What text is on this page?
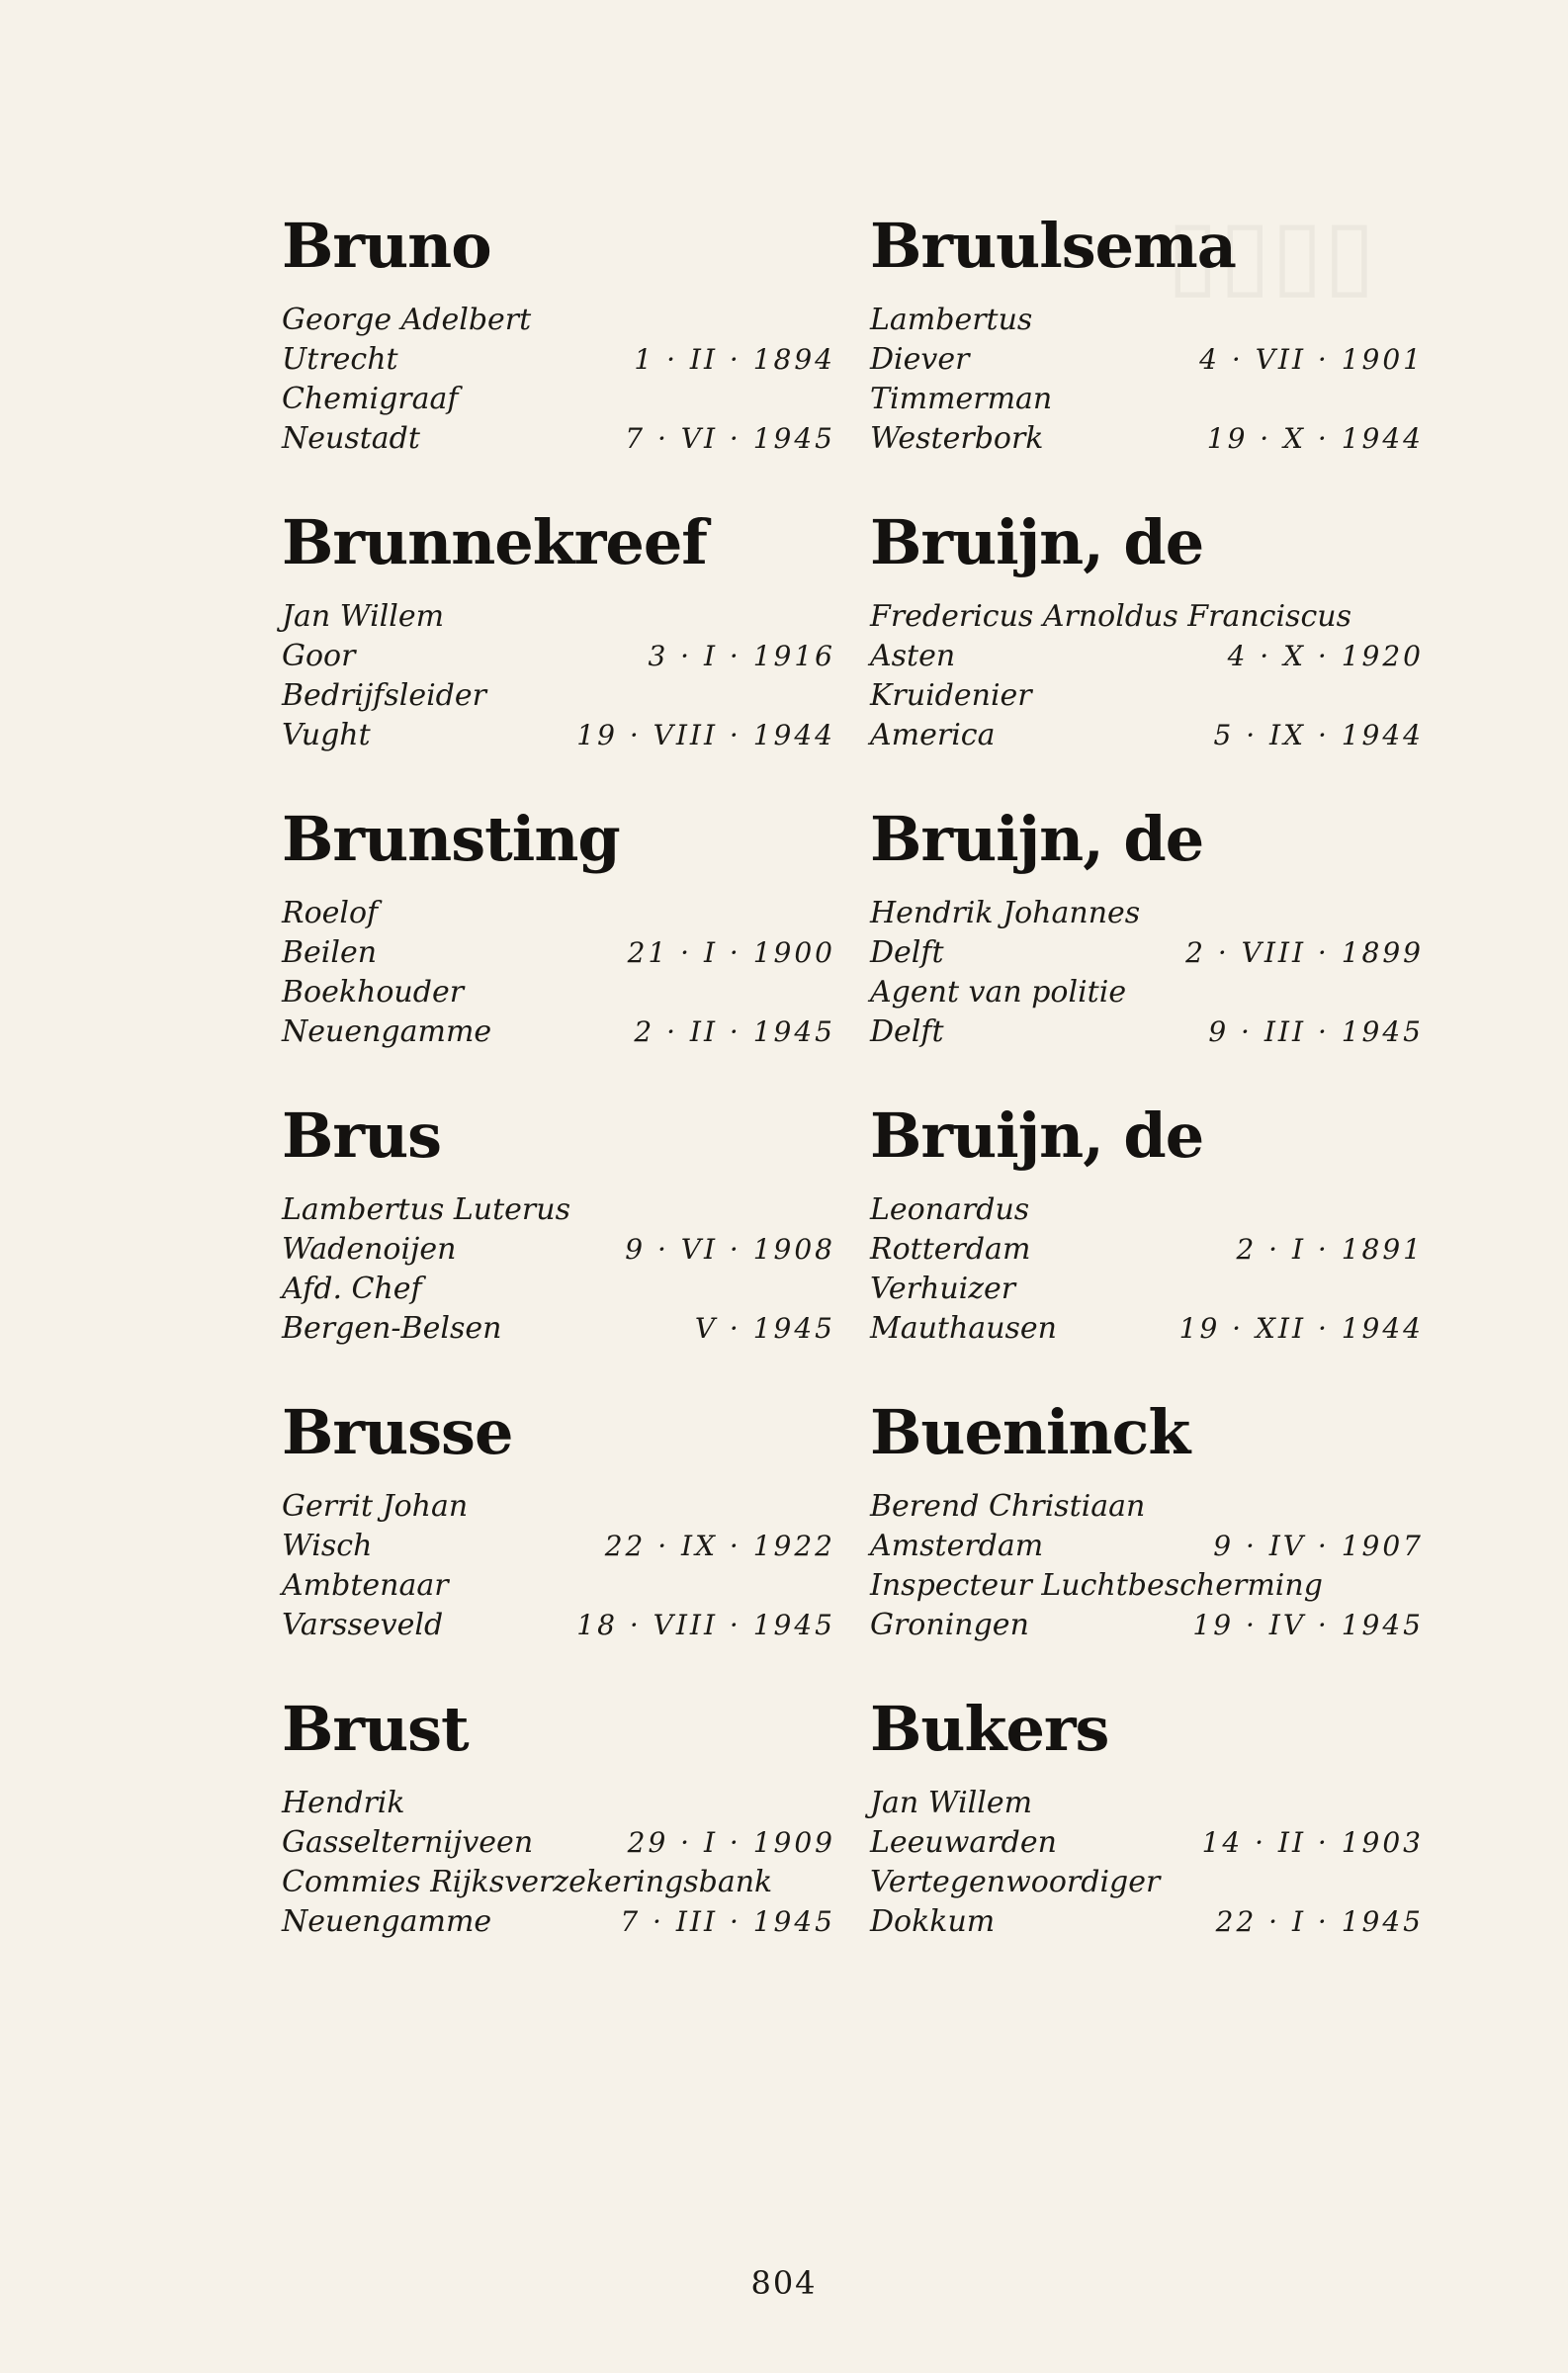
▯▯▯▯
Bruno
George Adelbert
Utrecht	1 · II · 1894
Chemigraaf
Neustadt	7 · VI · 1945
Brunnekreef
Jan Willem
Goor	3 · I · 1916
Bedrijfsleider
Vught	19 · VIII · 1944
Brunsting
Roelof
Beilen	21 · I · 1900
Boekhouder
Neuengamme	2 · II · 1945
Brus
Lambertus Luterus
Wadenoijen	9 · VI · 1908
Afd. Chef
Bergen-Belsen	V · 1945
Brusse
Gerrit Johan
Wisch	22 · IX · 1922
Ambtenaar
Varsseveld	18 · VIII · 1945
Brust
Hendrik
Gasselternijveen	29 · I · 1909
Commies Rijksverzekeringsbank
Neuengamme	7 · III · 1945
Bruulsema
Lambertus
Diever	4 · VII · 1901
Timmerman
Westerbork	19 · X · 1944
Bruijn, de
Fredericus Arnoldus Franciscus
Asten	4 · X · 1920
Kruidenier
America	5 · IX · 1944
Bruijn, de
Hendrik Johannes
Delft	2 · VIII · 1899
Agent van politie
Delft	9 · III · 1945
Bruijn, de
Leonardus
Rotterdam	2 · I · 1891
Verhuizer
Mauthausen	19 · XII · 1944
Bueninck
Berend Christiaan
Amsterdam	9 · IV · 1907
Inspecteur Luchtbescherming
Groningen	19 · IV · 1945
Bukers
Jan Willem
Leeuwarden	14 · II · 1903
Vertegenwoordiger
Dokkum	22 · I · 1945
804
